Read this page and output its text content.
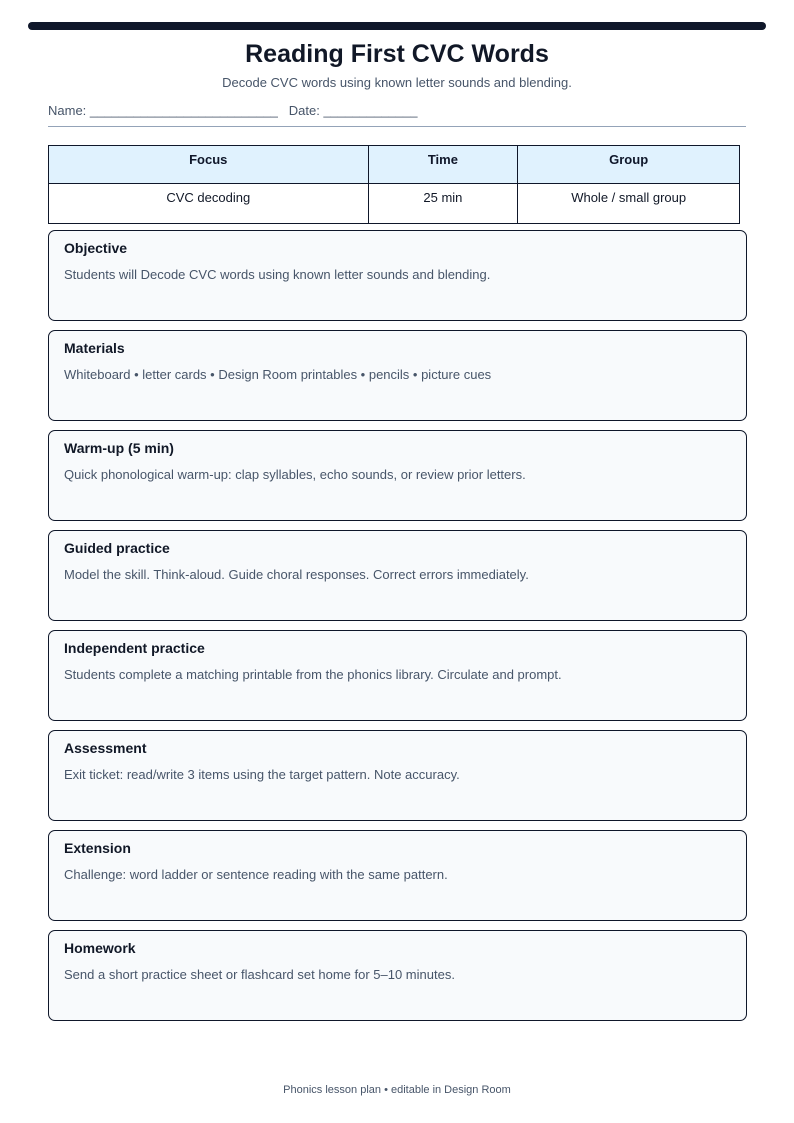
Reading First CVC Words
Decode CVC words using known letter sounds and blending.
Name: __________________________ Date: _____________
Focus	Time	Group
CVC decoding	25 min	Whole / small group
Objective
Students will Decode CVC words using known letter sounds and blending.
Materials
Whiteboard • letter cards • Design Room printables • pencils • picture cues
Warm-up (5 min)
Quick phonological warm-up: clap syllables, echo sounds, or review prior letters.
Guided practice
Model the skill. Think-aloud. Guide choral responses. Correct errors immediately.
Independent practice
Students complete a matching printable from the phonics library. Circulate and prompt.
Assessment
Exit ticket: read/write 3 items using the target pattern. Note accuracy.
Extension
Challenge: word ladder or sentence reading with the same pattern.
Homework
Send a short practice sheet or flashcard set home for 5–10 minutes.
Phonics lesson plan • editable in Design Room
